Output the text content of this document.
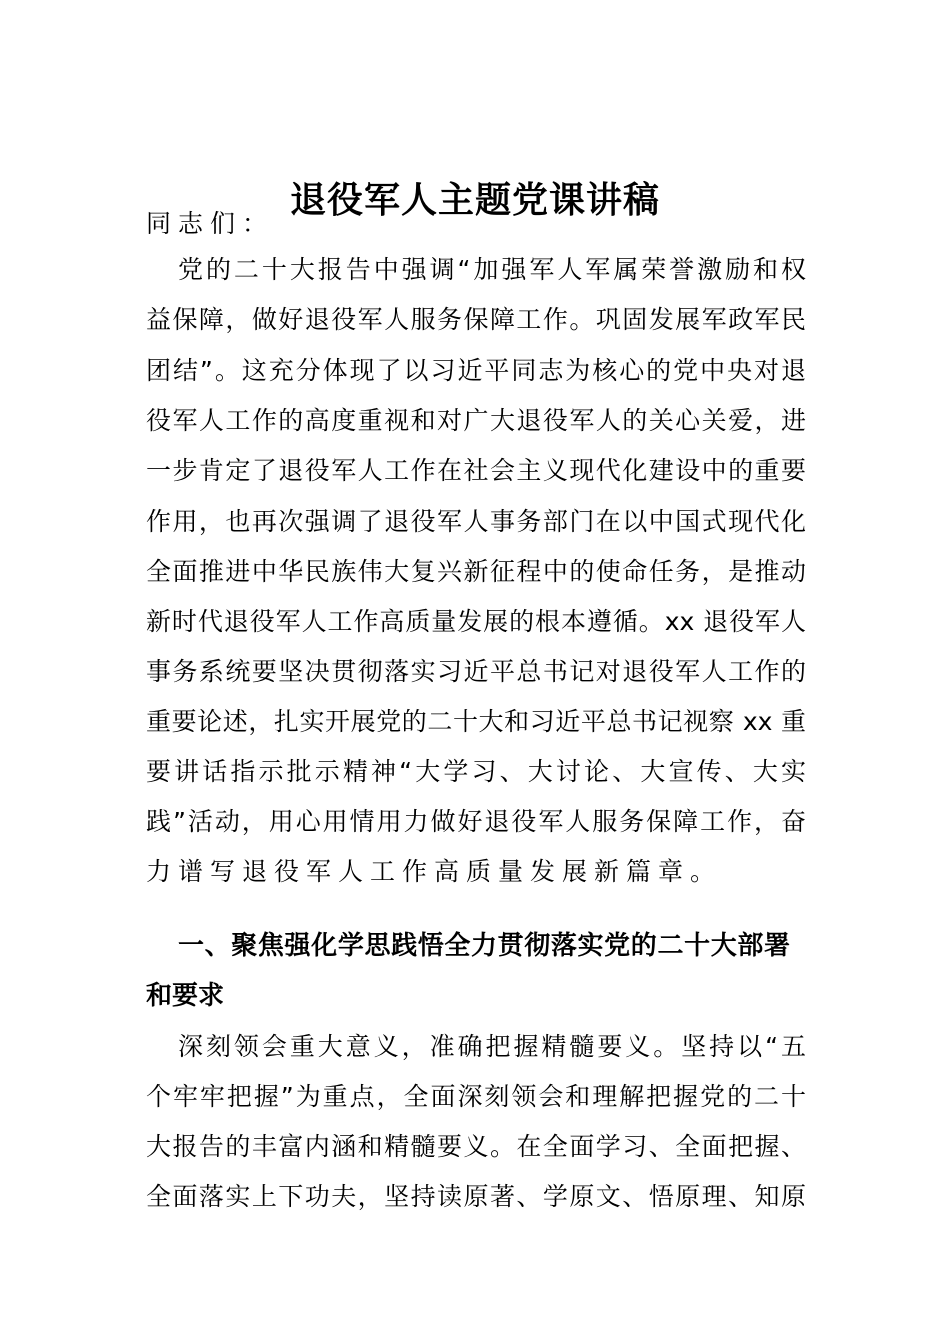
退役军人主题党课讲稿
同志们：
党的二十大报告中强调“加强军人军属荣誉激励和权
益保障，做好退役军人服务保障工作。巩固发展军政军民
团结”。这充分体现了以习近平同志为核心的党中央对退
役军人工作的高度重视和对广大退役军人的关心关爱，进
一步肯定了退役军人工作在社会主义现代化建设中的重要
作用，也再次强调了退役军人事务部门在以中国式现代化
全面推进中华民族伟大复兴新征程中的使命任务，是推动
新时代退役军人工作高质量发展的根本遵循。xx 退役军人
事务系统要坚决贯彻落实习近平总书记对退役军人工作的
重要论述，扎实开展党的二十大和习近平总书记视察 xx 重
要讲话指示批示精神“大学习、大讨论、大宣传、大实
践”活动，用心用情用力做好退役军人服务保障工作，奋
力谱写退役军人工作高质量发展新篇章。
一、聚焦强化学思践悟全力贯彻落实党的二十大部署
和要求
深刻领会重大意义，准确把握精髓要义。坚持以“五
个牢牢把握”为重点，全面深刻领会和理解把握党的二十
大报告的丰富内涵和精髓要义。在全面学习、全面把握、
全面落实上下功夫，坚持读原著、学原文、悟原理、知原
